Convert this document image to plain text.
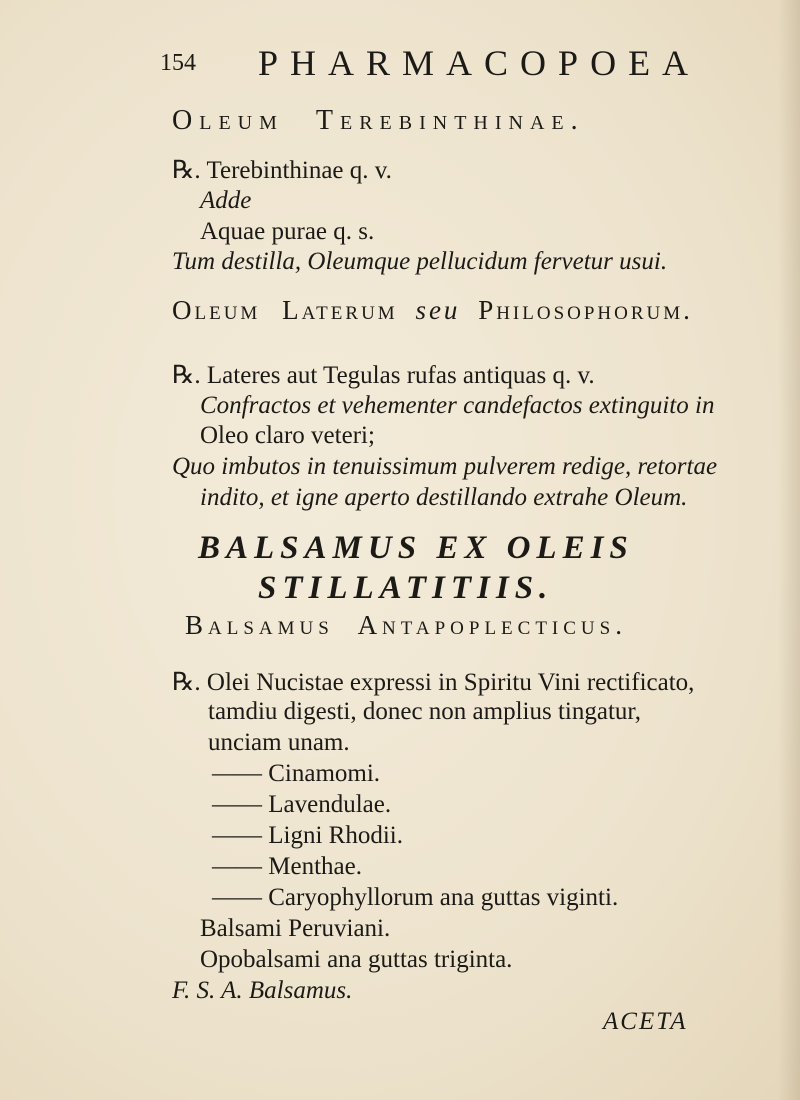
154 PHARMACOPOEA
Oleum Terebinthinae.
℞. Terebinthinae q. v.
Adde
Aquae purae q. s.
Tum destilla, Oleumque pellucidum fervetur usui.
Oleum Laterum seu Philosophorum.
℞. Lateres aut Tegulas rufas antiquas q. v.
Confractos et vehementer candefactos extinguito in
Oleo claro veteri;
Quo imbutos in tenuissimum pulverem redige, retortae
indito, et igne aperto destillando extrahe Oleum.
BALSAMUS EX OLEIS
STILLATITIIS.
Balsamus Antapoplecticus.
℞. Olei Nucistae expressi in Spiritu Vini rectificato,
tamdiu digesti, donec non amplius tingatur,
unciam unam.
—— Cinamomi.
—— Lavendulae.
—— Ligni Rhodii.
—— Menthae.
—— Caryophyllorum ana guttas viginti.
Balsami Peruviani.
Opobalsami ana guttas triginta.
F. S. A. Balsamus.
ACETA
